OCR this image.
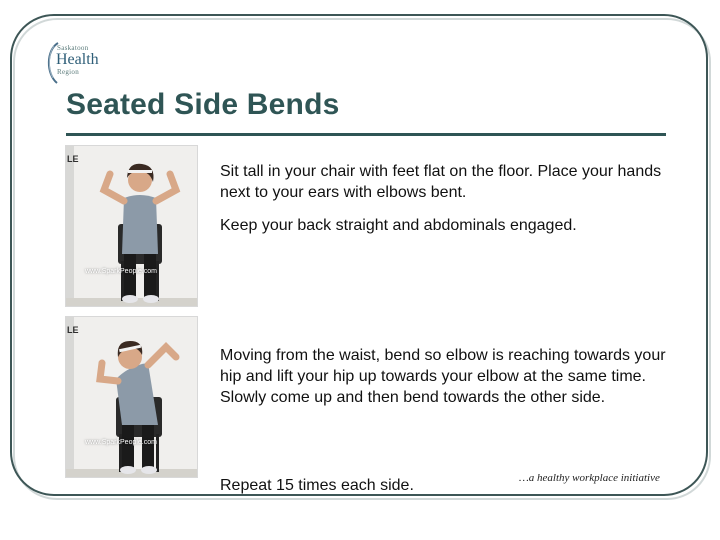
Saskatoon
Health
Region
Seated Side Bends
LE
www.SparkPeople.com
LE
www.SparkPeople.com

Sit tall in your chair with feet flat on the floor. Place your hands next to your ears with elbows bent.

Keep your back straight and abdominals engaged.

Moving from the waist, bend so elbow is reaching towards your hip and lift your hip up towards your elbow at the same time. Slowly come up and then bend towards the other side.

Repeat 15 times each side.	…a healthy workplace initiative
